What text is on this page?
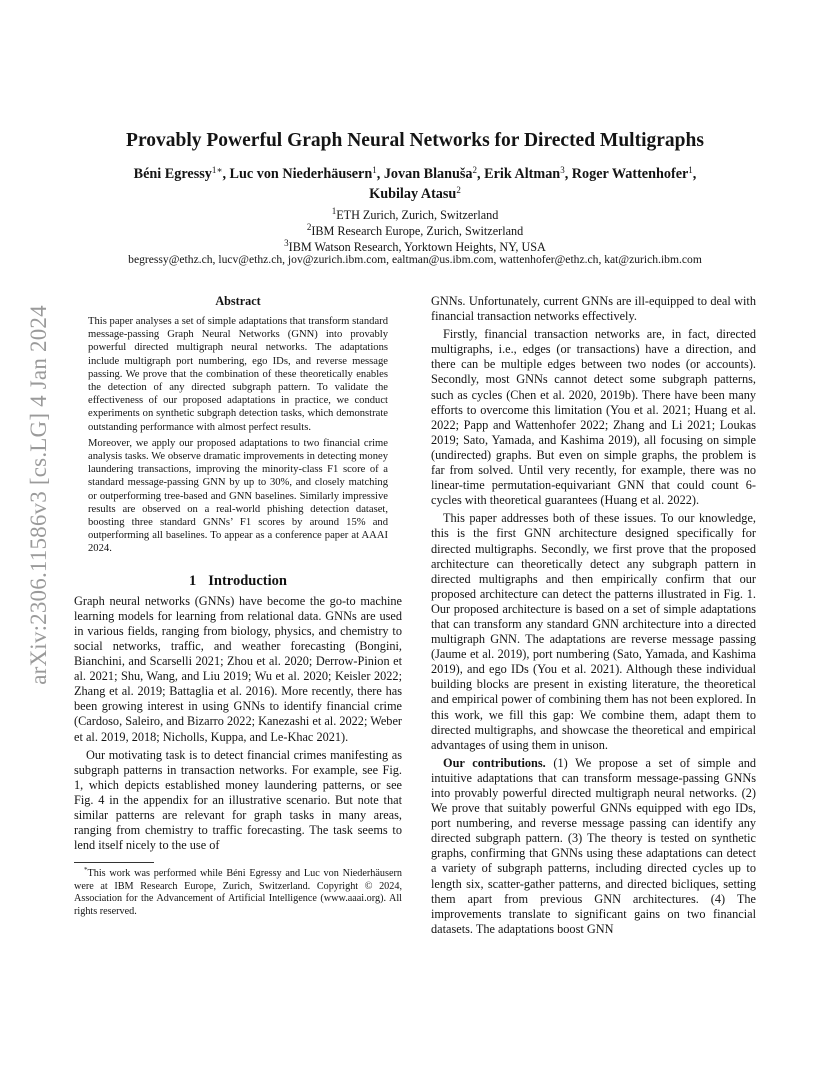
arXiv:2306.11586v3 [cs.LG] 4 Jan 2024
Provably Powerful Graph Neural Networks for Directed Multigraphs
Béni Egressy$^{1∗}$, Luc von Niederhäusern$^1$, Jovan Blanuša$^2$, Erik Altman$^3$, Roger Wattenhofer$^1$,
Kubilay Atasu$^2$
$^1$ETH Zurich, Zurich, Switzerland
$^2$IBM Research Europe, Zurich, Switzerland
$^3$IBM Watson Research, Yorktown Heights, NY, USA
begressy@ethz.ch, lucv@ethz.ch, jov@zurich.ibm.com, ealtman@us.ibm.com, wattenhofer@ethz.ch, kat@zurich.ibm.com
Abstract

This paper analyses a set of simple adaptations that transform standard message-passing Graph Neural Networks (GNN) into provably powerful directed multigraph neural networks. The adaptations include multigraph port numbering, ego IDs, and reverse message passing. We prove that the combination of these theoretically enables the detection of any directed subgraph pattern. To validate the effectiveness of our proposed adaptations in practice, we conduct experiments on synthetic subgraph detection tasks, which demonstrate outstanding performance with almost perfect results.

Moreover, we apply our proposed adaptations to two financial crime analysis tasks. We observe dramatic improvements in detecting money laundering transactions, improving the minority-class F1 score of a standard message-passing GNN by up to 30%, and closely matching or outperforming tree-based and GNN baselines. Similarly impressive results are observed on a real-world phishing detection dataset, boosting three standard GNNs’ F1 scores by around 15% and outperforming all baselines. To appear as a conference paper at AAAI 2024.

1 Introduction

Graph neural networks (GNNs) have become the go-to machine learning models for learning from relational data. GNNs are used in various fields, ranging from biology, physics, and chemistry to social networks, traffic, and weather forecasting (Bongini, Bianchini, and Scarselli 2021; Zhou et al. 2020; Derrow-Pinion et al. 2021; Shu, Wang, and Liu 2019; Wu et al. 2020; Keisler 2022; Zhang et al. 2019; Battaglia et al. 2016). More recently, there has been growing interest in using GNNs to identify financial crime (Cardoso, Saleiro, and Bizarro 2022; Kanezashi et al. 2022; Weber et al. 2019, 2018; Nicholls, Kuppa, and Le-Khac 2021).

Our motivating task is to detect financial crimes manifesting as subgraph patterns in transaction networks. For example, see Fig. 1, which depicts established money laundering patterns, or see Fig. 4 in the appendix for an illustrative scenario. But note that similar patterns are relevant for graph tasks in many areas, ranging from chemistry to traffic forecasting. The task seems to lend itself nicely to the use of

*This work was performed while Béni Egressy and Luc von Niederhäusern were at IBM Research Europe, Zurich, Switzerland. Copyright © 2024, Association for the Advancement of Artificial Intelligence (www.aaai.org). All rights reserved.

GNNs. Unfortunately, current GNNs are ill-equipped to deal with financial transaction networks effectively.

Firstly, financial transaction networks are, in fact, directed multigraphs, i.e., edges (or transactions) have a direction, and there can be multiple edges between two nodes (or accounts). Secondly, most GNNs cannot detect some subgraph patterns, such as cycles (Chen et al. 2020, 2019b). There have been many efforts to overcome this limitation (You et al. 2021; Huang et al. 2022; Papp and Wattenhofer 2022; Zhang and Li 2021; Loukas 2019; Sato, Yamada, and Kashima 2019), all focusing on simple (undirected) graphs. But even on simple graphs, the problem is far from solved. Until very recently, for example, there was no linear-time permutation-equivariant GNN that could count 6-cycles with theoretical guarantees (Huang et al. 2022).

This paper addresses both of these issues. To our knowledge, this is the first GNN architecture designed specifically for directed multigraphs. Secondly, we first prove that the proposed architecture can theoretically detect any subgraph pattern in directed multigraphs and then empirically confirm that our proposed architecture can detect the patterns illustrated in Fig. 1. Our proposed architecture is based on a set of simple adaptations that can transform any standard GNN architecture into a directed multigraph GNN. The adaptations are reverse message passing (Jaume et al. 2019), port numbering (Sato, Yamada, and Kashima 2019), and ego IDs (You et al. 2021). Although these individual building blocks are present in existing literature, the theoretical and empirical power of combining them has not been explored. In this work, we fill this gap: We combine them, adapt them to directed multigraphs, and showcase the theoretical and empirical advantages of using them in unison.

Our contributions. (1) We propose a set of simple and intuitive adaptations that can transform message-passing GNNs into provably powerful directed multigraph neural networks. (2) We prove that suitably powerful GNNs equipped with ego IDs, port numbering, and reverse message passing can identify any directed subgraph pattern. (3) The theory is tested on synthetic graphs, confirming that GNNs using these adaptations can detect a variety of subgraph patterns, including directed cycles up to length six, scatter-gather patterns, and directed bicliques, setting them apart from previous GNN architectures. (4) The improvements translate to significant gains on two financial datasets. The adaptations boost GNN
